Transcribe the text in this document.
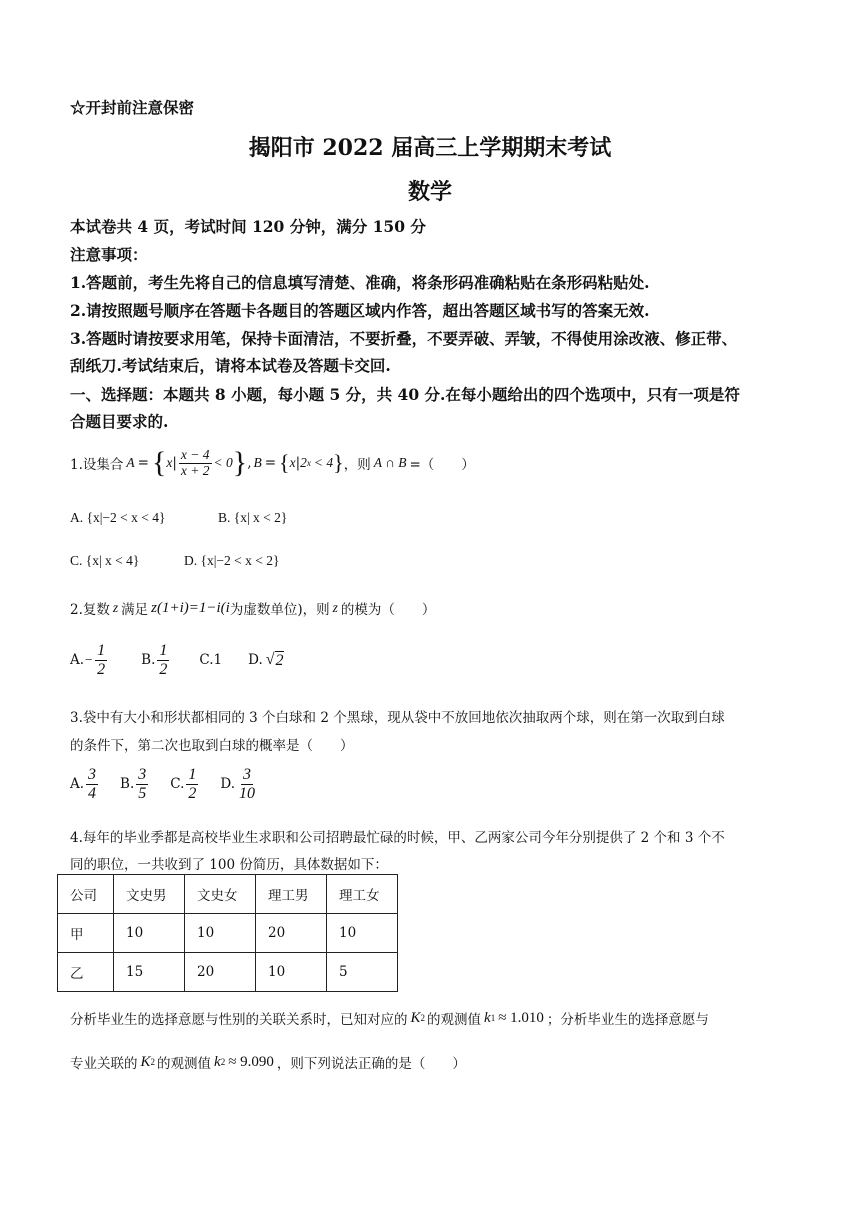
☆开封前注意保密
揭阳市 2022 届高三上学期期末考试
数学
本试卷共 4 页，考试时间 120 分钟，满分 150 分
注意事项：
1.答题前，考生先将自己的信息填写清楚、准确，将条形码准确粘贴在条形码粘贴处.
2.请按照题号顺序在答题卡各题目的答题区域内作答，超出答题区域书写的答案无效.
3.答题时请按要求用笔，保持卡面清洁，不要折叠，不要弄破、弄皱，不得使用涂改液、修正带、
刮纸刀.考试结束后，请将本试卷及答题卡交回.
一、选择题：本题共 8 小题，每小题 5 分，共 40 分.在每小题给出的四个选项中，只有一项是符
合题目要求的.
1.设集合 A = { x | $\frac{x - 4}{x + 2} < 0$ } , B = { x | 2 x < 4 } ，则 A ∩ B =（　　）
A. {x|−2 < x < 4}	B. {x| x < 2}
C. {x| x < 4}	D. {x|−2 < x < 2}
2.复数 z 满足 z(1+i)=1−i(i 为虚数单位)，则 z 的模为（　　）
A. − $\frac{1}{2}$	B. $\frac{1}{2} C.1$ D. √ 2
3.袋中有大小和形状都相同的 3 个白球和 2 个黑球，现从袋中不放回地依次抽取两个球，则在第一次取到白球
的条件下，第二次也取到白球的概率是（　　）
A. $\frac{3}{4} B$. $\frac{3}{5} C$. $\frac{1}{2} D$. $\frac{3}{10}$
4.每年的毕业季都是高校毕业生求职和公司招聘最忙碌的时候，甲、乙两家公司今年分别提供了 2 个和 3 个不
同的职位，一共收到了 100 份简历，具体数据如下：
公司	文史男	文史女	理工男	理工女
甲	10	10	20	10
乙	15	20	10	5
分析毕业生的选择意愿与性别的关联关系时，已知对应的 K 2 的观测值 k 1 ≈ 1.010 ；分析毕业生的选择意愿与
专业关联的 K 2 的观测值 k 2 ≈ 9.090 ，则下列说法正确的是（　　）
